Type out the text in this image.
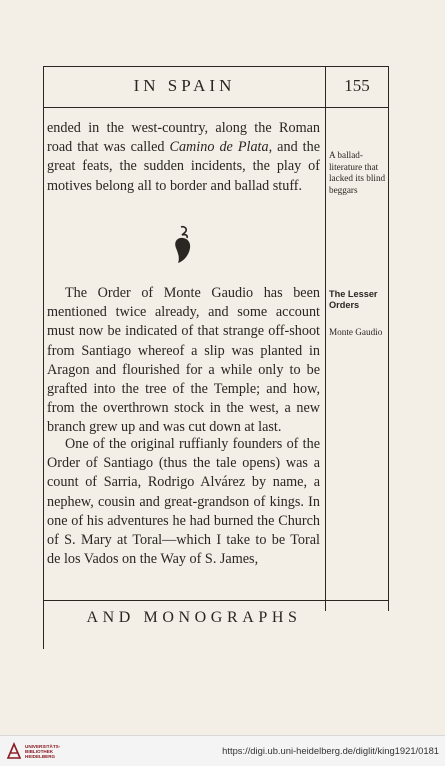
IN SPAIN	155

ended in the west-country, along the Roman road that was called Camino de Plata, and the great feats, the sudden incidents, the play of motives belong all to border and ballad stuff.

The Order of Monte Gaudio has been mentioned twice already, and some account must now be indicated of that strange off-shoot from Santiago whereof a slip was planted in Aragon and flourished for a while only to be grafted into the tree of the Temple; and how, from the overthrown stock in the west, a new branch grew up and was cut down at last.

One of the original ruffianly founders of the Order of Santiago (thus the tale opens) was a count of Sarria, Rodrigo Alvárez by name, a nephew, cousin and great-grandson of kings. In one of his adventures he had burned the Church of S. Mary at Toral—which I take to be Toral de los Vados on the Way of S. James,

A ballad-literature that lacked its blind beggars
The Lesser Orders
Monte Gaudio
AND MONOGRAPHS
UNIVERSITÄTS-BIBLIOTHEK HEIDELBERG
https://digi.ub.uni-heidelberg.de/diglit/king1921/0181
